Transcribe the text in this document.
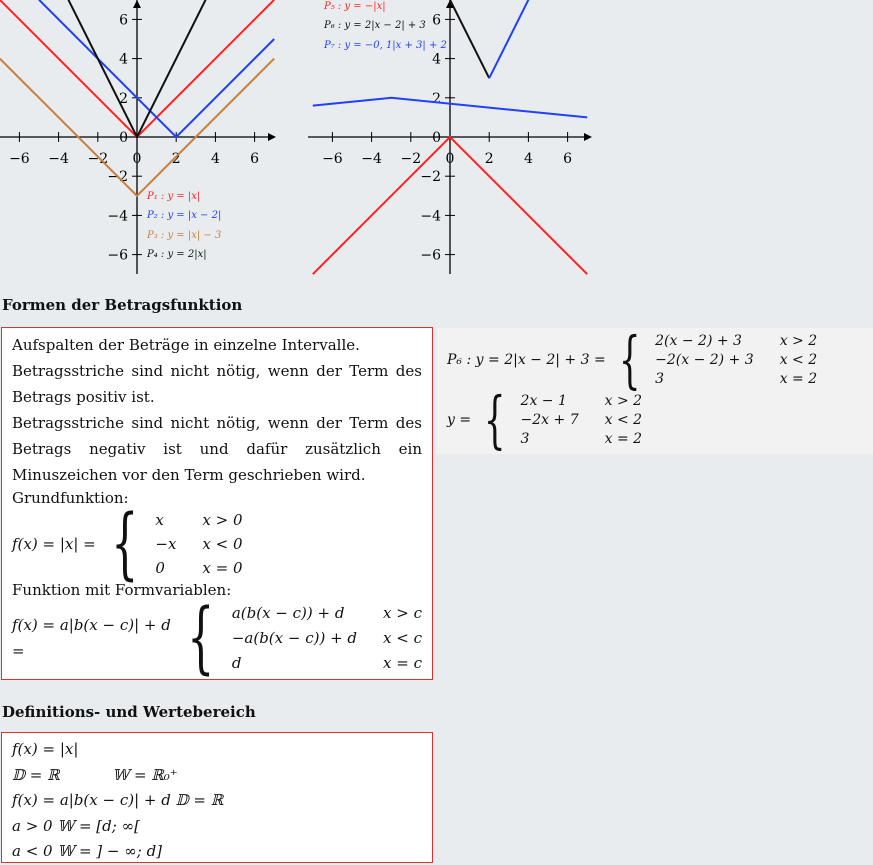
−6 −4 −2 0 2 4 6
−6
−4
−2
0
2
4
6
P₁ : y = |x|
P₂ : y = |x − 2|
P₃ : y = |x| − 3
P₄ : y = 2|x|
−6 −4 −2 0 2 4 6
−6
−4
−2
0
2
4
6
P₅ : y = −|x|
P₆ : y = 2|x − 2| + 3
P₇ : y = −0, 1|x + 3| + 2
Formen der Betragsfunktion
Aufspalten der Beträge in einzelne Intervalle.
Betragsstriche sind nicht nötig, wenn der Term des Betrags positiv ist.
Betragsstriche sind nicht nötig, wenn der Term des Betrags negativ ist und dafür zusätzlich ein Minuszeichen vor den Term geschrieben wird.
Grundfunktion:
f(x) = |x| = { x	x > 0
−x x < 0
0	x = 0
Funktion mit Formvariablen:
f(x) = a|b(x − c)| + d =	{ a(b(x − c)) + d	x > c
−a(b(x − c)) + d x < c
d	x = c
P₆ : y = 2|x − 2| + 3 = { 2(x − 2) + 3	x > 2
−2(x − 2) + 3 x < 2
3	x = 2
y = { 2x − 1	x > 2
−2x + 7 x < 2
3	x = 2
Definitions- und Wertebereich
f(x) = |x|
𝔻 = ℝ	𝕎 = ℝ₀⁺
f(x) = a|b(x − c)| + d 𝔻 = ℝ
a > 0 𝕎 = [d; ∞[
a < 0 𝕎 = ] − ∞; d]
